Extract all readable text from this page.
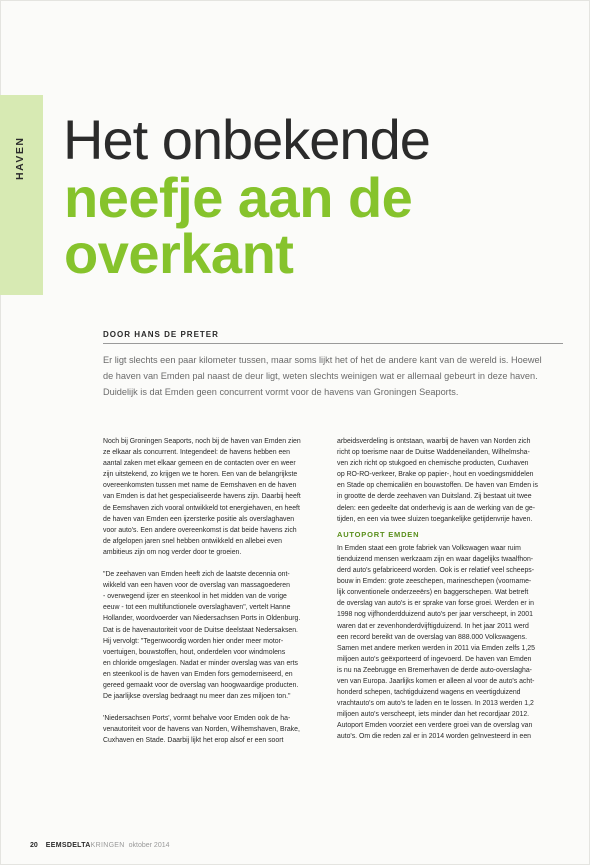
HAVEN Het onbekende
neefje aan de
overkant
DOOR HANS DE PRETER
Er ligt slechts een paar kilometer tussen, maar soms lijkt het of het de andere kant van de wereld is. Hoewel
de haven van Emden pal naast de deur ligt, weten slechts weinigen wat er allemaal gebeurt in deze haven.
Duidelijk is dat Emden geen concurrent vormt voor de havens van Groningen Seaports.
Noch bij Groningen Seaports, noch bij de haven van Emden zien
ze elkaar als concurrent. Integendeel: de havens hebben een
aantal zaken met elkaar gemeen en de contacten over en weer
zijn uitstekend, zo krijgen we te horen. Een van de belangrijkste
overeenkomsten tussen met name de Eemshaven en de haven
van Emden is dat het gespecialiseerde havens zijn. Daarbij heeft
de Eemshaven zich vooral ontwikkeld tot energiehaven, en heeft
de haven van Emden een ijzersterke positie als overslaghaven
voor auto's. Een andere overeenkomst is dat beide havens zich
de afgelopen jaren snel hebben ontwikkeld en allebei even
ambitieus zijn om nog verder door te groeien.
"De zeehaven van Emden heeft zich de laatste decennia ont-
wikkeld van een haven voor de overslag van massagoederen
- overwegend ijzer en steenkool in het midden van de vorige
eeuw - tot een multifunctionele overslaghaven", vertelt Hanne
Hollander, woordvoerder van Niedersachsen Ports in Oldenburg.
Dat is de havenautoriteit voor de Duitse deelstaat Nedersaksen.
Hij vervolgt: "Tegenwoordig worden hier onder meer motor-
voertuigen, bouwstoffen, hout, onderdelen voor windmolens
en chloride omgeslagen. Nadat er minder overslag was van erts
en steenkool is de haven van Emden fors gemoderniseerd, en
gereed gemaakt voor de overslag van hoogwaardige producten.
De jaarlijkse overslag bedraagt nu meer dan zes miljoen ton."
'Niedersachsen Ports', vormt behalve voor Emden ook de ha-
venautoriteit voor de havens van Norden, Wilhemshaven, Brake,
Cuxhaven en Stade. Daarbij lijkt het erop alsof er een soort
arbeidsverdeling is ontstaan, waarbij de haven van Norden zich
richt op toerisme naar de Duitse Waddeneilanden, Wilhelmsha-
ven zich richt op stukgoed en chemische producten, Cuxhaven
op RO-RO-verkeer, Brake op papier-, hout en voedingsmiddelen
en Stade op chemicaliën en bouwstoffen. De haven van Emden is
in grootte de derde zeehaven van Duitsland. Zij bestaat uit twee
delen: een gedeelte dat onderhevig is aan de werking van de ge-
tijden, en een via twee sluizen toegankelijke getijdenvrije haven.
AUTOPORT EMDEN
In Emden staat een grote fabriek van Volkswagen waar ruim
tienduizend mensen werkzaam zijn en waar dagelijks twaalfhon-
derd auto's gefabriceerd worden. Ook is er relatief veel scheeps-
bouw in Emden: grote zeeschepen, marineschepen (voorname-
lijk conventionele onderzeeërs) en baggerschepen. Wat betreft
de overslag van auto's is er sprake van forse groei. Werden er in
1998 nog vijfhonderdduizend auto's per jaar verscheept, in 2001
waren dat er zevenhonderdvijftigduizend. In het jaar 2011 werd
een record bereikt van de overslag van 888.000 Volkswagens.
Samen met andere merken werden in 2011 via Emden zelfs 1,25
miljoen auto's geëxporteerd of ingevoerd. De haven van Emden
is nu na Zeebrugge en Bremerhaven de derde auto-overslagha-
ven van Europa. Jaarlijks komen er alleen al voor de auto's acht-
honderd schepen, tachtigduizend wagens en veertigduizend
vrachtauto's om auto's te laden en te lossen. In 2013 werden 1,2
miljoen auto's verscheept, iets minder dan het recordjaar 2012.
Autoport Emden voorziet een verdere groei van de overslag van
auto's. Om die reden zal er in 2014 worden geïnvesteerd in een
20 EEMSDELTAKRINGEN oktober 2014
